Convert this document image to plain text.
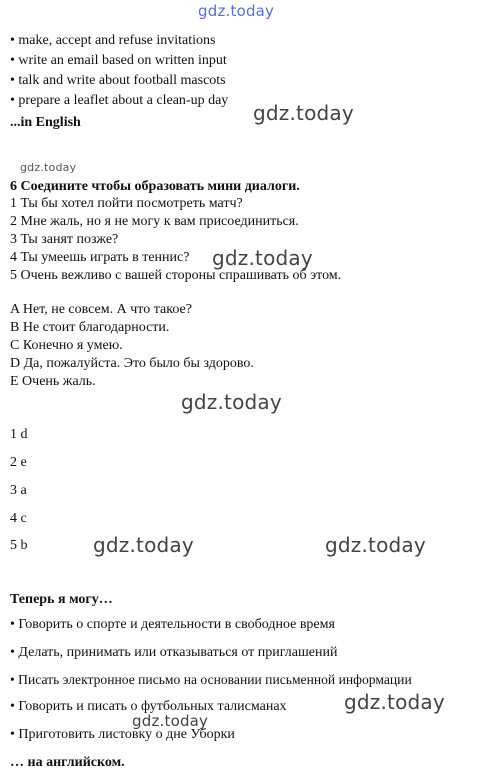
gdz.today
• make, accept and refuse invitations
• write an email based on written input
• talk and write about football mascots
• prepare a leaflet about a clean-up day
...in English	gdz.today
gdz.today
6 Соедините чтобы образовать мини диалоги.
1 Ты бы хотел пойти посмотреть матч?
2 Мне жаль, но я не могу к вам присоединиться.
3 Ты занят позже?
4 Ты умеешь играть в теннис?
5 Очень вежливо с вашей стороны спрашивать об этом.
gdz.today
A Нет, не совсем. А что такое?
B Не стоит благодарности.
C Конечно я умею.
D Да, пожалуйста. Это было бы здорово.
E Очень жаль.
gdz.today
1 d
2 e
3 a
4 c
5 b	gdz.today	gdz.today
Теперь я могу…
• Говорить о спорте и деятельности в свободное время
• Делать, принимать или отказываться от приглашений
• Писать электронное письмо на основании письменной информации
• Говорить и писать о футбольных талисманах
• Приготовить листовку о дне Уборки
… на английском.
gdz.today
gdz.today
